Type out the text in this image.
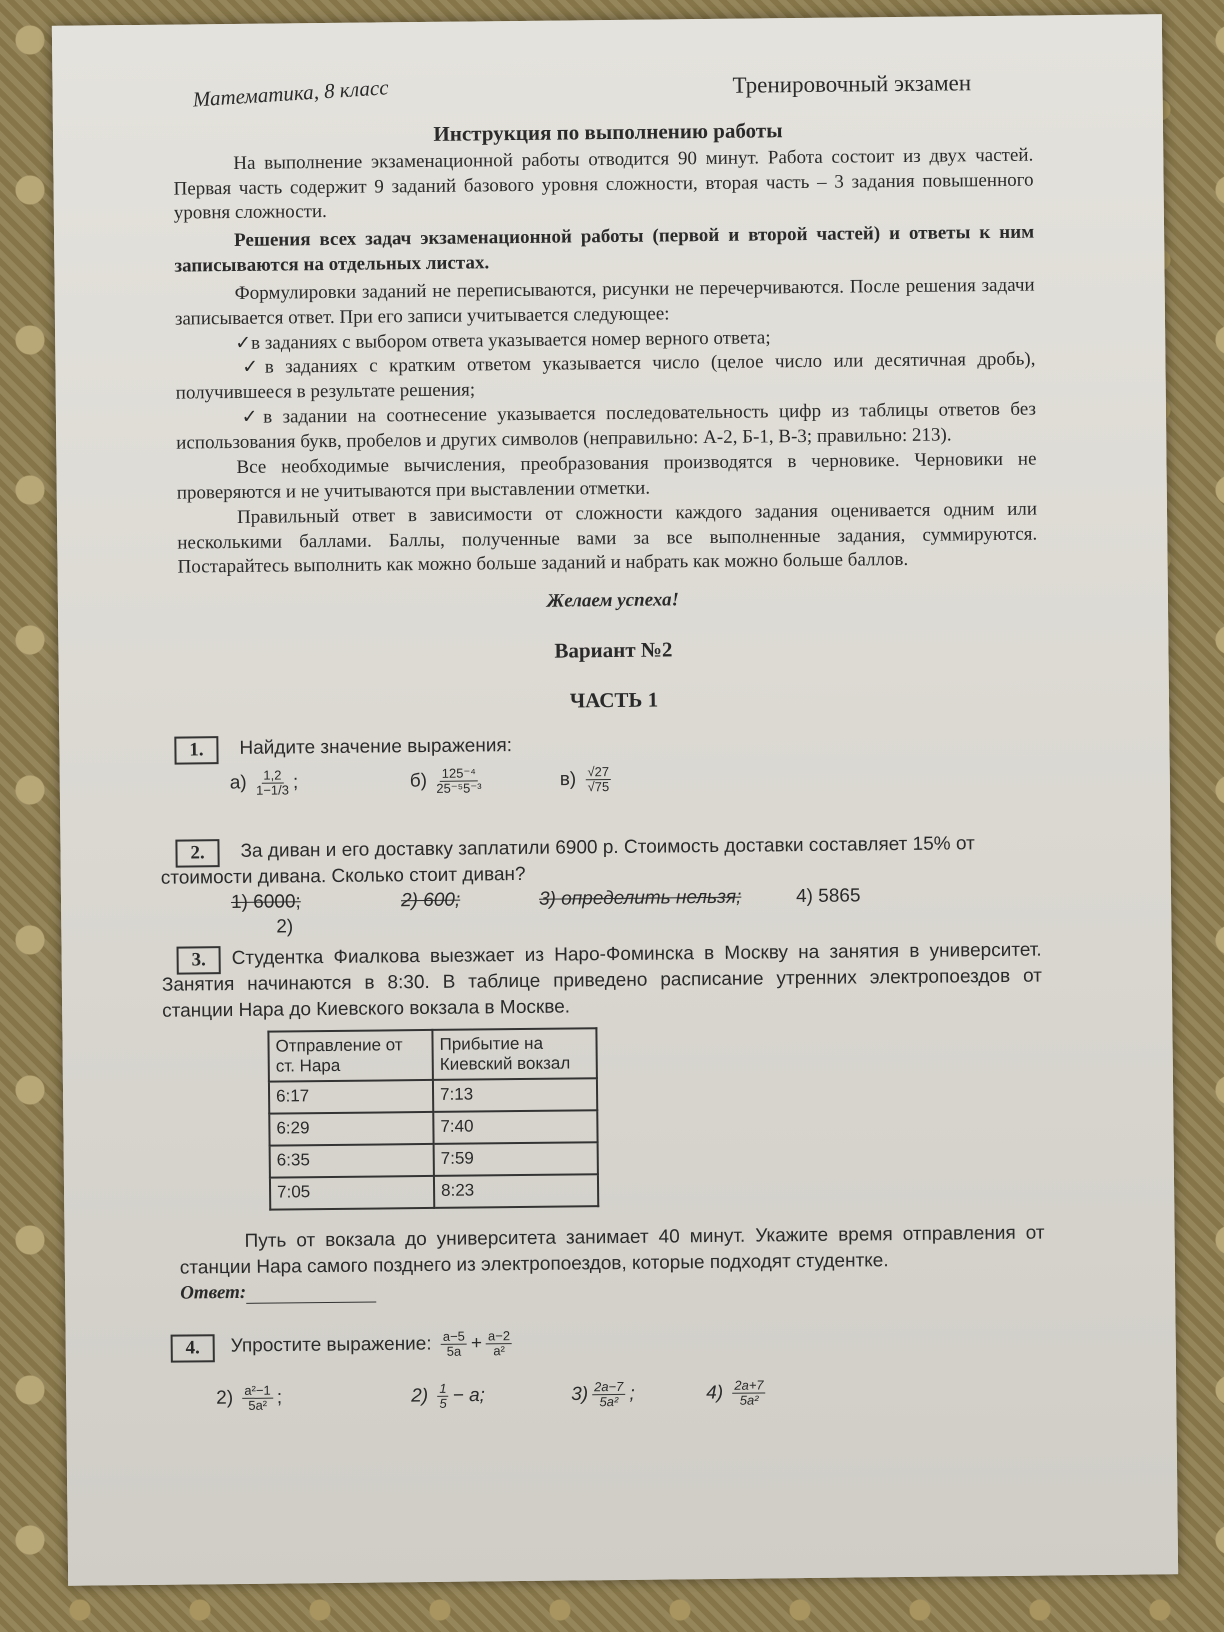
Математика, 8 класс	Тренировочный экзамен
Инструкция по выполнению работы
На выполнение экзаменационной работы отводится 90 минут. Работа состоит из двух частей. Первая часть содержит 9 заданий базового уровня сложности, вторая часть – 3 задания повышенного уровня сложности.
Решения всех задач экзаменационной работы (первой и второй частей) и ответы к ним записываются на отдельных листах.
Формулировки заданий не переписываются, рисунки не перечерчиваются. После решения задачи записывается ответ. При его записи учитывается следующее:
✓в заданиях с выбором ответа указывается номер верного ответа;
✓в заданиях с кратким ответом указывается число (целое число или десятичная дробь), получившееся в результате решения;
✓в задании на соотнесение указывается последовательность цифр из таблицы ответов без использования букв, пробелов и других символов (неправильно: А-2, Б-1, В-3; правильно: 213).
Все необходимые вычисления, преобразования производятся в черновике. Черновики не проверяются и не учитываются при выставлении отметки.
Правильный ответ в зависимости от сложности каждого задания оценивается одним или несколькими баллами. Баллы, полученные вами за все выполненные задания, суммируются. Постарайтесь выполнить как можно больше заданий и набрать как можно больше баллов.
Желаем успеха!
Вариант №2
ЧАСТЬ 1
1.	Найдите значение выражения:
$а) \frac{1,2}{1-1/3}$ ;	$б) \frac{\text{125⁻⁴}}{\text{25⁻⁵5⁻³}}$	$в) \frac{√27}{√75}$
2.	За диван и его доставку заплатили 6900 р. Стоимость доставки составляет 15% от стоимости дивана. Сколько стоит диван?
1) 6000;	2) 600;	3) определить нельзя;	4) 5865
2)
3.	Студентка Фиалкова выезжает из Наро-Фоминска в Москву на занятия в университет. Занятия начинаются в 8:30. В таблице приведено расписание утренних электропоездов от станции Нара до Киевского вокзала в Москве.
Отправление от ст. Нара	Прибытие на Киевский вокзал
6:17	7:13
6:29	7:40
6:35	7:59
7:05	8:23
Путь от вокзала до университета занимает 40 минут. Укажите время отправления от станции Нара самого позднего из электропоездов, которые подходят студентке.
Ответ:
4.	Упростите выражение: $\frac{a-5}{5a} + \frac{a-2}{\text{a²}}$
$2) \frac{\text{a²−1}}{\text{5a²}}$ ;	$2) \frac{1}{5} - a$;	$3) \frac{2a-7}{\text{5a²}}$ ;	$4) \frac{2a+7}{\text{5a²}}$
